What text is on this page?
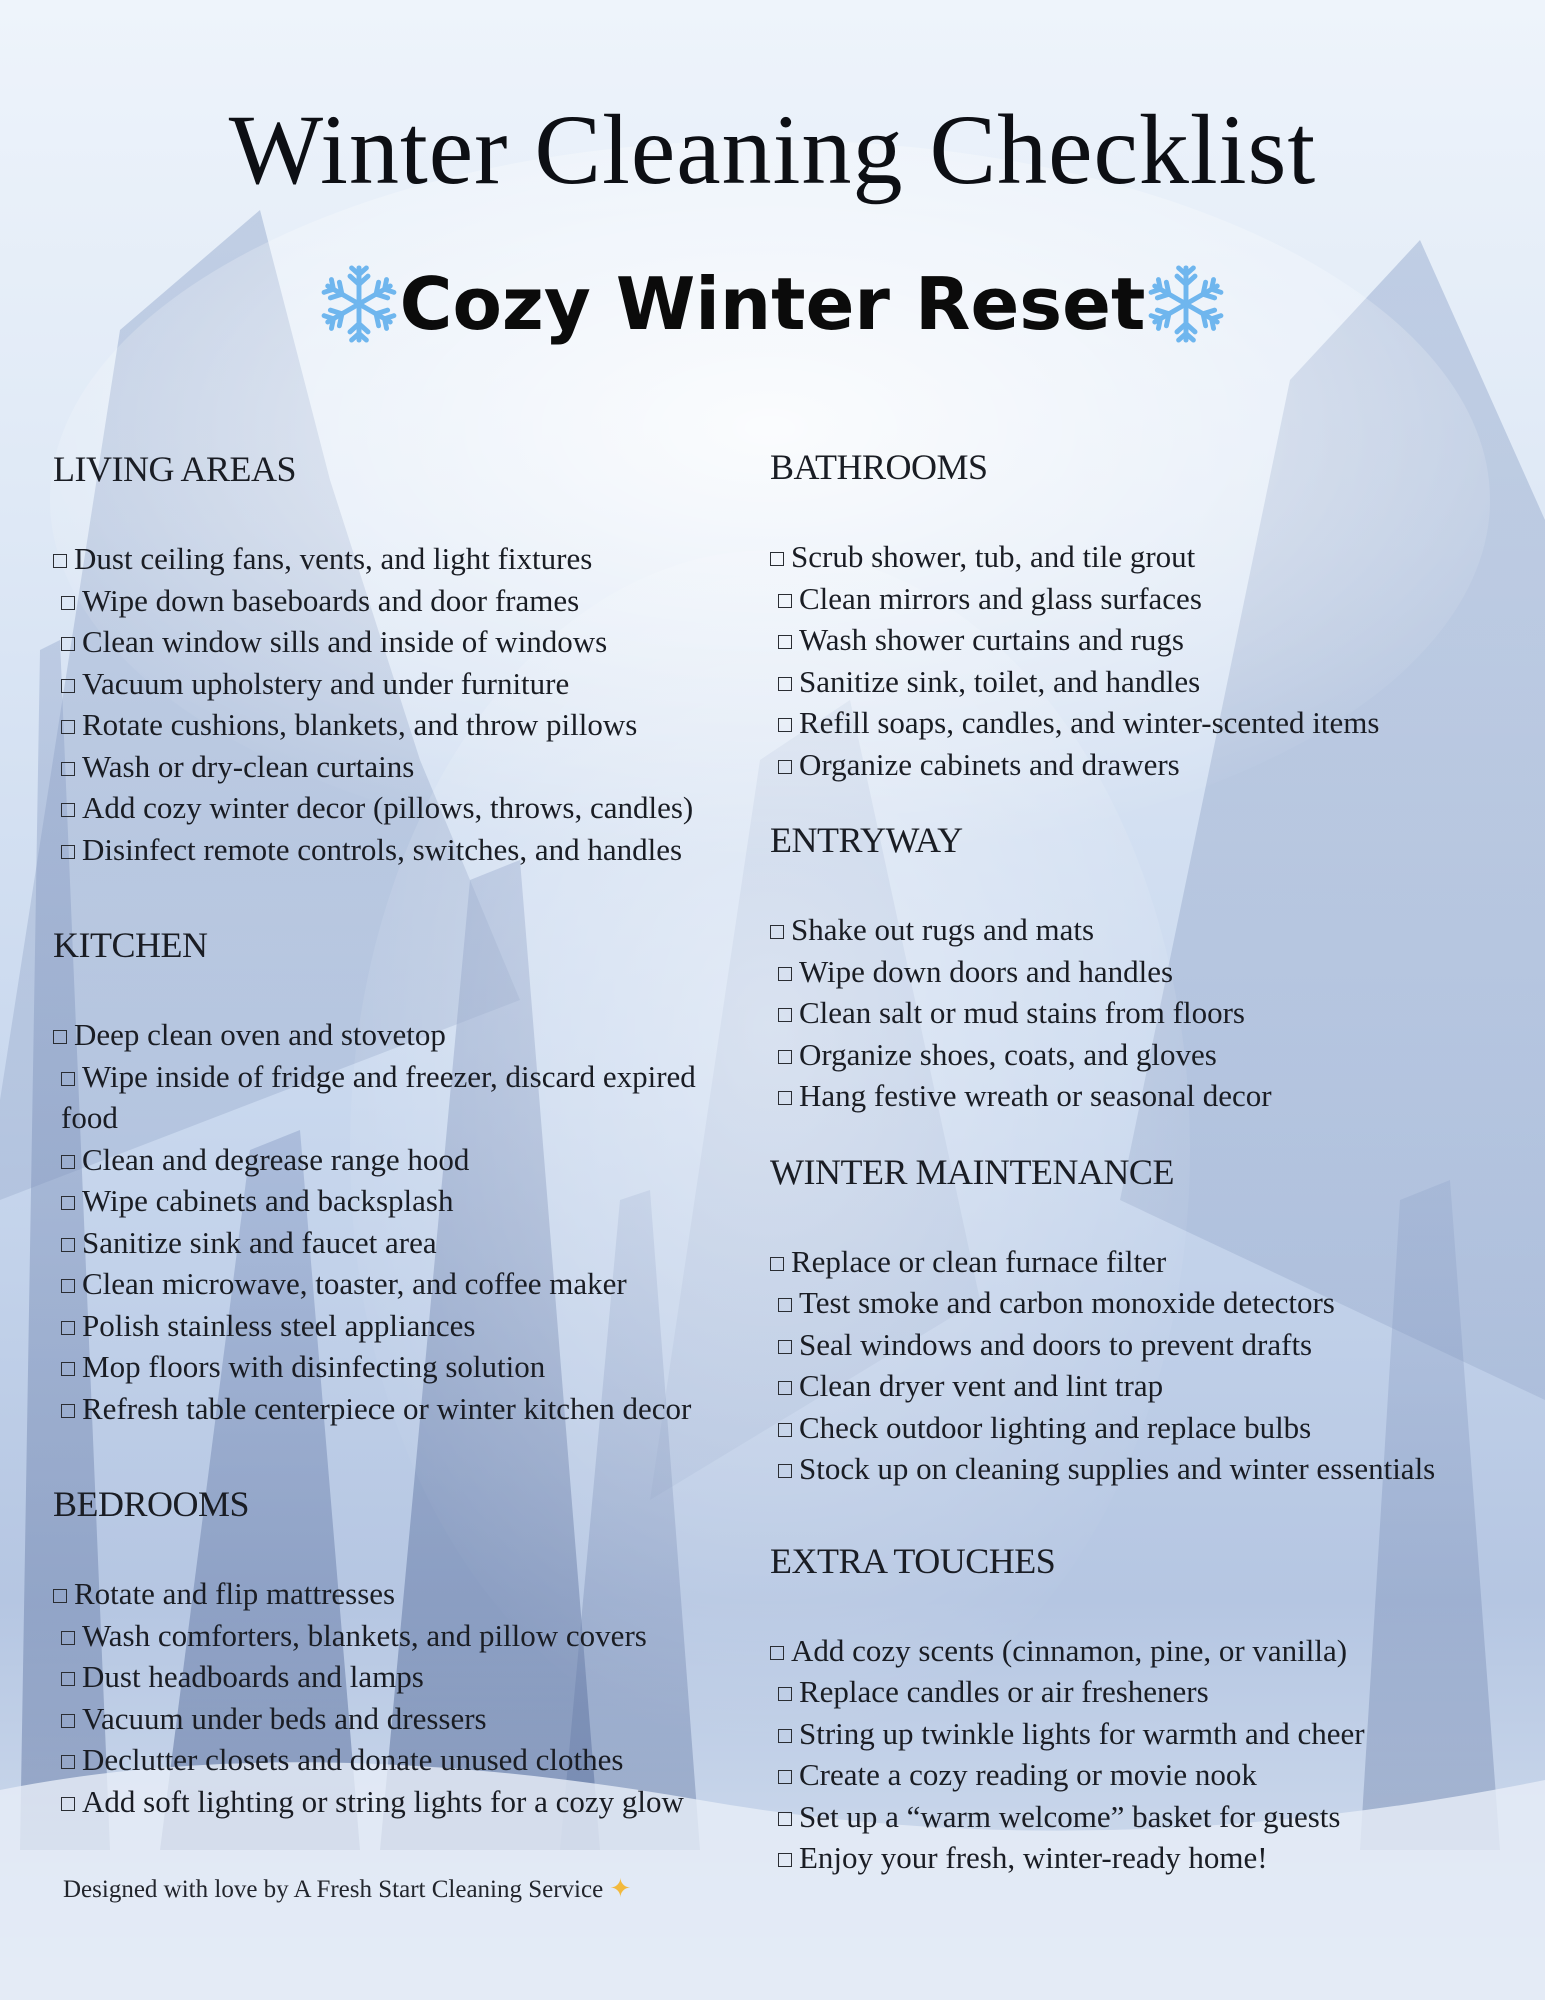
Winter Cleaning Checklist
Cozy Winter Reset
LIVING AREAS
Dust ceiling fans, vents, and light fixtures
Wipe down baseboards and door frames
Clean window sills and inside of windows
Vacuum upholstery and under furniture
Rotate cushions, blankets, and throw pillows
Wash or dry-clean curtains
Add cozy winter decor (pillows, throws, candles)
Disinfect remote controls, switches, and handles
KITCHEN
Deep clean oven and stovetop
Wipe inside of fridge and freezer, discard expired food
Clean and degrease range hood
Wipe cabinets and backsplash
Sanitize sink and faucet area
Clean microwave, toaster, and coffee maker
Polish stainless steel appliances
Mop floors with disinfecting solution
Refresh table centerpiece or winter kitchen decor
BEDROOMS
Rotate and flip mattresses
Wash comforters, blankets, and pillow covers
Dust headboards and lamps
Vacuum under beds and dressers
Declutter closets and donate unused clothes
Add soft lighting or string lights for a cozy glow
BATHROOMS
Scrub shower, tub, and tile grout
Clean mirrors and glass surfaces
Wash shower curtains and rugs
Sanitize sink, toilet, and handles
Refill soaps, candles, and winter-scented items
Organize cabinets and drawers
ENTRYWAY
Shake out rugs and mats
Wipe down doors and handles
Clean salt or mud stains from floors
Organize shoes, coats, and gloves
Hang festive wreath or seasonal decor
WINTER MAINTENANCE
Replace or clean furnace filter
Test smoke and carbon monoxide detectors
Seal windows and doors to prevent drafts
Clean dryer vent and lint trap
Check outdoor lighting and replace bulbs
Stock up on cleaning supplies and winter essentials
EXTRA TOUCHES
Add cozy scents (cinnamon, pine, or vanilla)
Replace candles or air fresheners
String up twinkle lights for warmth and cheer
Create a cozy reading or movie nook
Set up a “warm welcome” basket for guests
Enjoy your fresh, winter-ready home!
Designed with love by A Fresh Start Cleaning Service ✦
